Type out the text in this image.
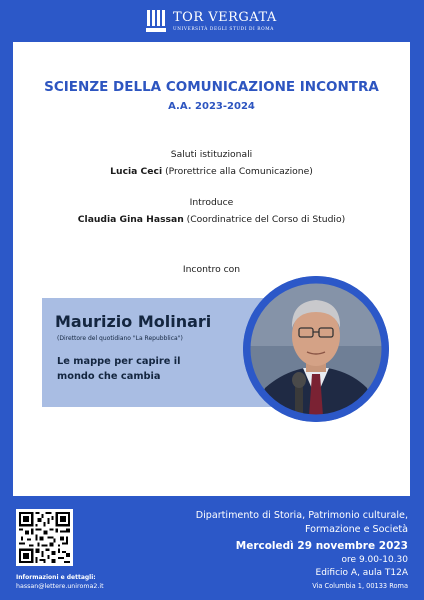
TOR VERGATA
UNIVERSITÀ DEGLI STUDI DI ROMA
SCIENZE DELLA COMUNICAZIONE INCONTRA
A.A. 2023-2024
Saluti istituzionali
Lucia Ceci (Prorettrice alla Comunicazione)
Introduce
Claudia Gina Hassan (Coordinatrice del Corso di Studio)
Incontro con
Maurizio Molinari
(Direttore del quotidiano "La Repubblica")
Le mappe per capire il
mondo che cambia
Informazioni e dettagli:
hassan@lettere.uniroma2.it
Dipartimento di Storia, Patrimonio culturale,
Formazione e Società
Mercoledì 29 novembre 2023
ore 9.00-10.30
Edificio A, aula T12A
Via Columbia 1, 00133 Roma
